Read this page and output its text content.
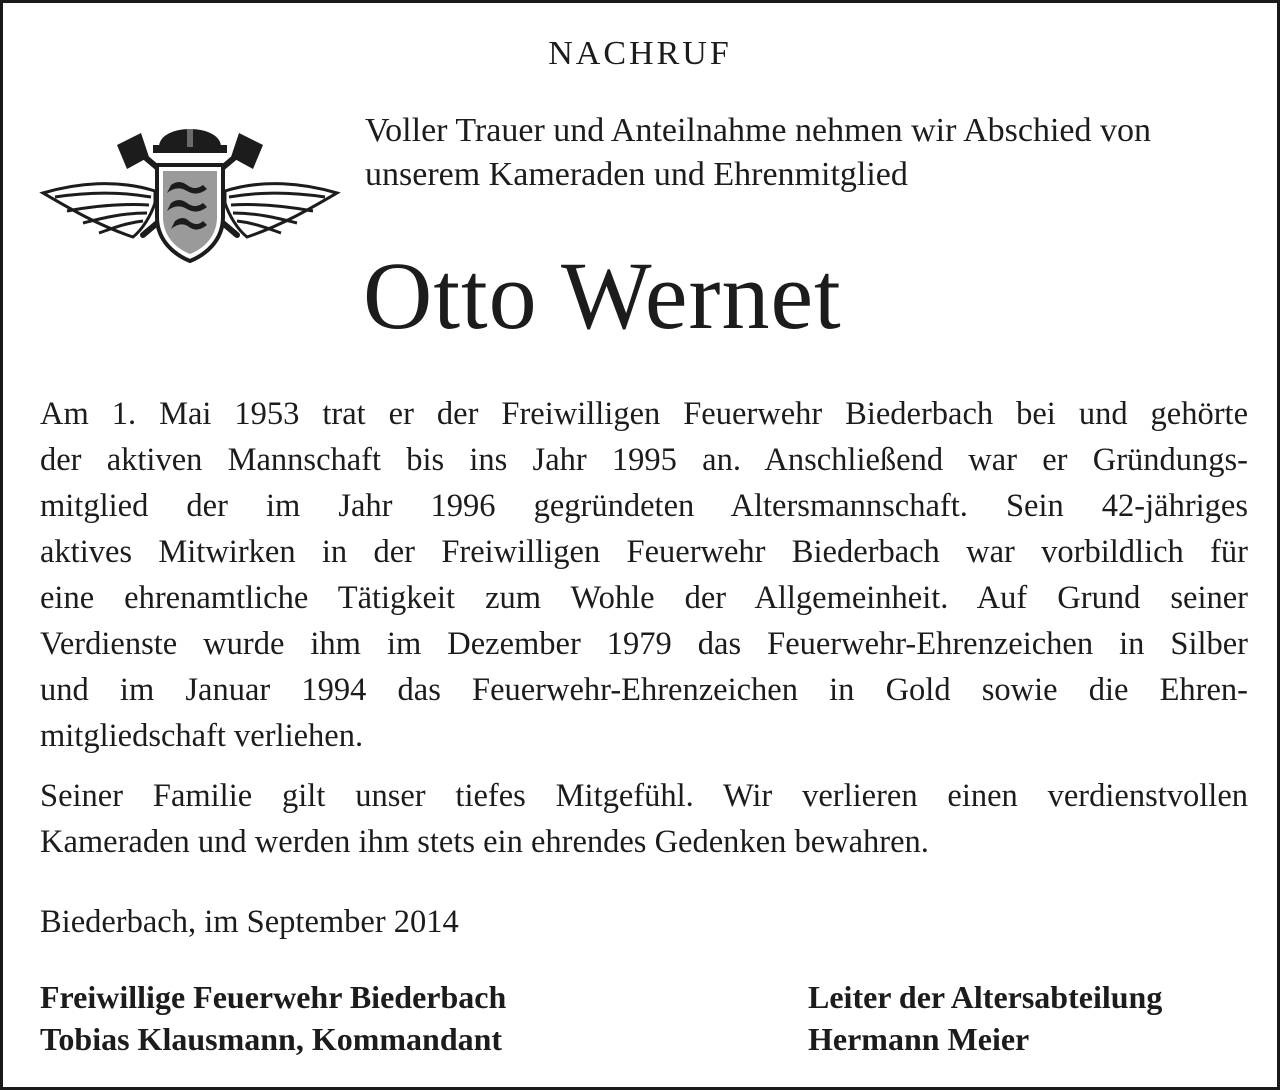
NACHRUF
Voller Trauer und Anteilnahme nehmen wir Abschied von
unserem Kameraden und Ehrenmitglied
Otto Wernet
Am 1. Mai 1953 trat er der Freiwilligen Feuerwehr Biederbach bei und gehörte
der aktiven Mannschaft bis ins Jahr 1995 an. Anschließend war er Gründungs-
mitglied der im Jahr 1996 gegründeten Altersmannschaft. Sein 42-jähriges
aktives Mitwirken in der Freiwilligen Feuerwehr Biederbach war vorbildlich für
eine ehrenamtliche Tätigkeit zum Wohle der Allgemeinheit. Auf Grund seiner
Verdienste wurde ihm im Dezember 1979 das Feuerwehr-Ehrenzeichen in Silber
und im Januar 1994 das Feuerwehr-Ehrenzeichen in Gold sowie die Ehren-
mitgliedschaft verliehen.
Seiner Familie gilt unser tiefes Mitgefühl. Wir verlieren einen verdienstvollen
Kameraden und werden ihm stets ein ehrendes Gedenken bewahren.
Biederbach, im September 2014
Freiwillige Feuerwehr Biederbach
Tobias Klausmann, Kommandant
Leiter der Altersabteilung
Hermann Meier
